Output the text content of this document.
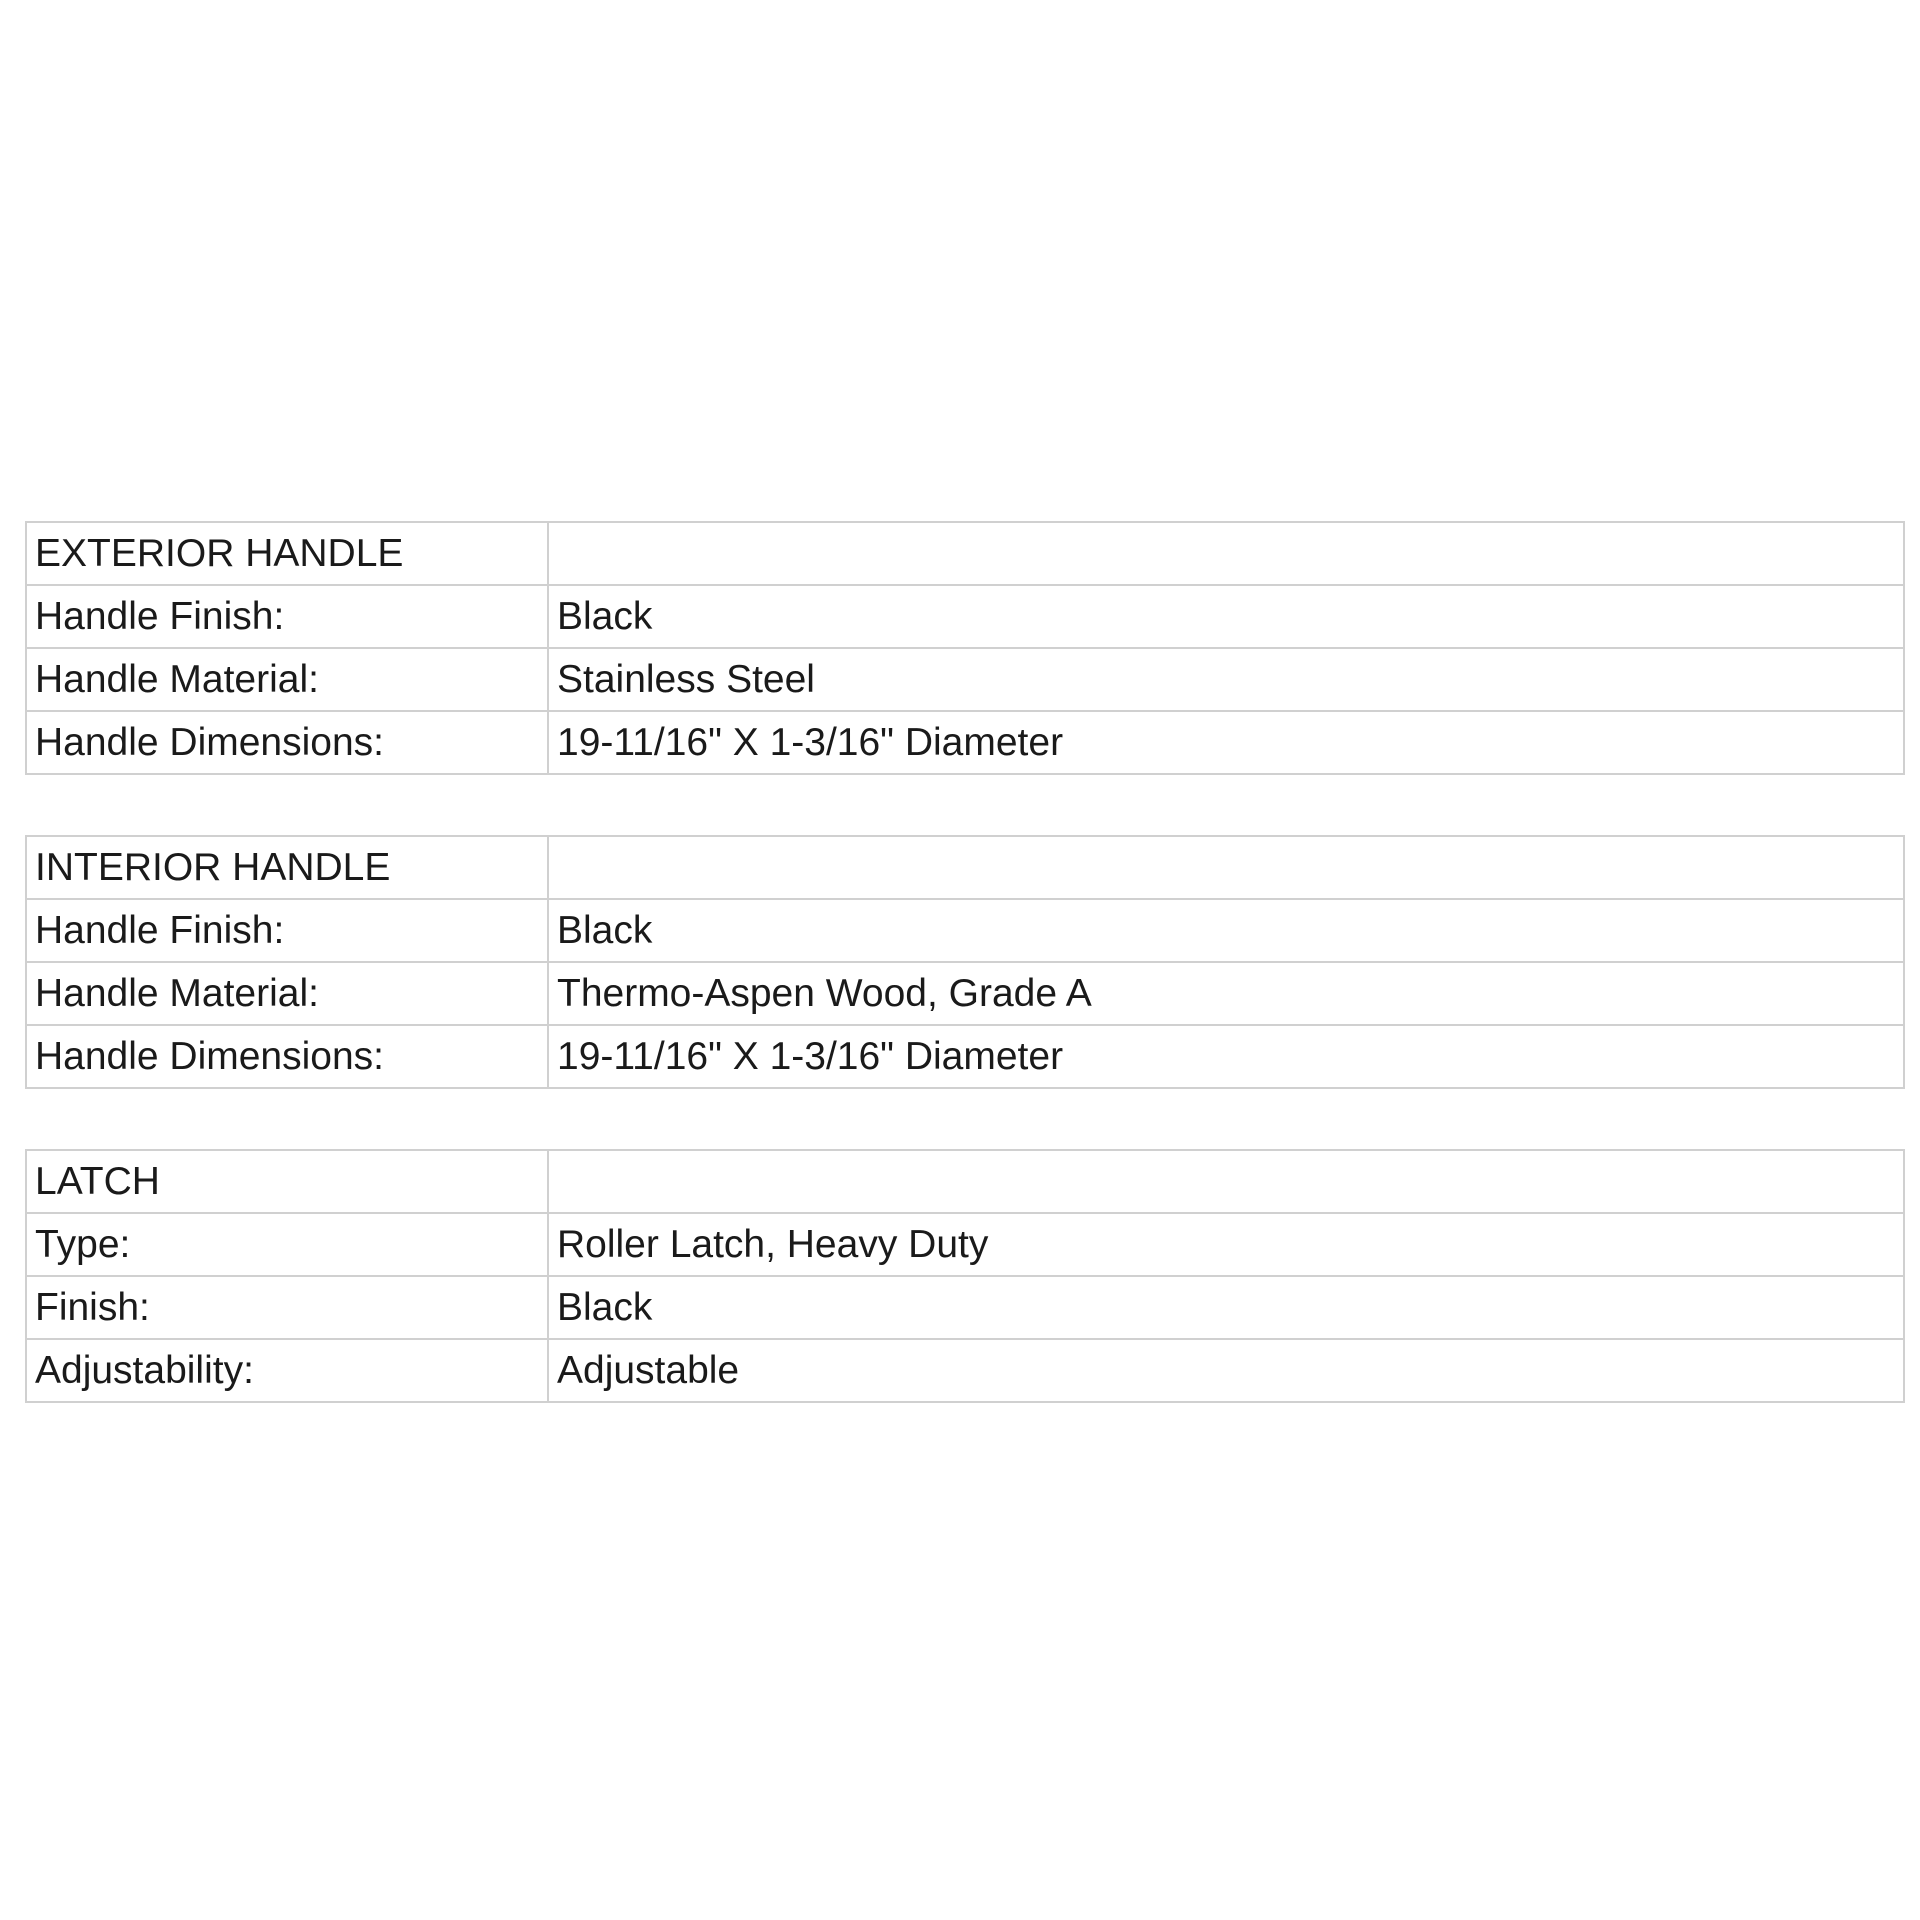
EXTERIOR HANDLE	
Handle Finish:	Black
Handle Material:	Stainless Steel
Handle Dimensions:	19-11/16" X 1-3/16" Diameter
INTERIOR HANDLE	
Handle Finish:	Black
Handle Material:	Thermo-Aspen Wood, Grade A
Handle Dimensions:	19-11/16" X 1-3/16" Diameter
LATCH	
Type:	Roller Latch, Heavy Duty
Finish:	Black
Adjustability:	Adjustable
